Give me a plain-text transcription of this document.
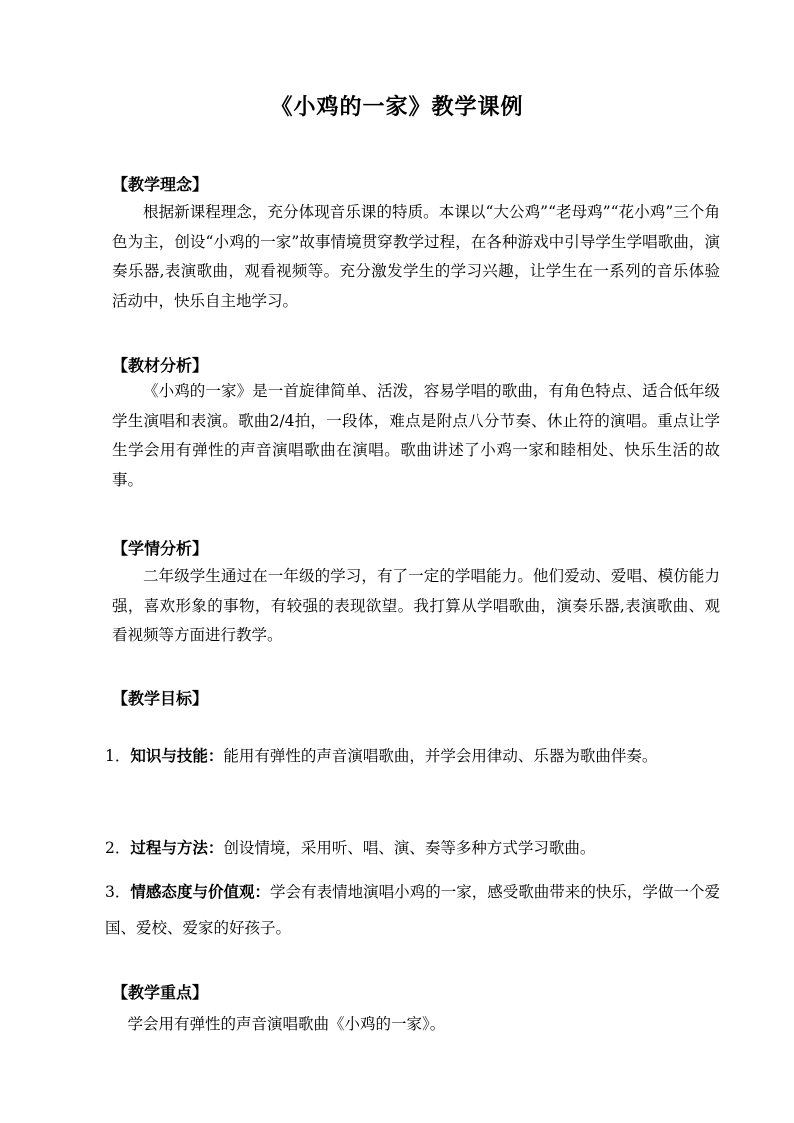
《小鸡的一家》教学课例
【教学理念】
根据新课程理念，充分体现音乐课的特质。本课以“大公鸡”“老母鸡”“花小鸡”三个角色为主，创设“小鸡的一家”故事情境贯穿教学过程，在各种游戏中引导学生学唱歌曲，演奏乐器,表演歌曲，观看视频等。充分激发学生的学习兴趣，让学生在一系列的音乐体验活动中，快乐自主地学习。
【教材分析】
《小鸡的一家》是一首旋律简单、活泼，容易学唱的歌曲，有角色特点、适合低年级学生演唱和表演。歌曲2/4拍，一段体，难点是附点八分节奏、休止符的演唱。重点让学生学会用有弹性的声音演唱歌曲在演唱。歌曲讲述了小鸡一家和睦相处、快乐生活的故事。
【学情分析】
二年级学生通过在一年级的学习，有了一定的学唱能力。他们爱动、爱唱、模仿能力强，喜欢形象的事物，有较强的表现欲望。我打算从学唱歌曲，演奏乐器,表演歌曲、观看视频等方面进行教学。
【教学目标】
1．知识与技能：能用有弹性的声音演唱歌曲，并学会用律动、乐器为歌曲伴奏。
2．过程与方法：创设情境，采用听、唱、演、奏等多种方式学习歌曲。
3．情感态度与价值观：学会有表情地演唱小鸡的一家，感受歌曲带来的快乐，学做一个爱国、爱校、爱家的好孩子。
【教学重点】
学会用有弹性的声音演唱歌曲《小鸡的一家》。
